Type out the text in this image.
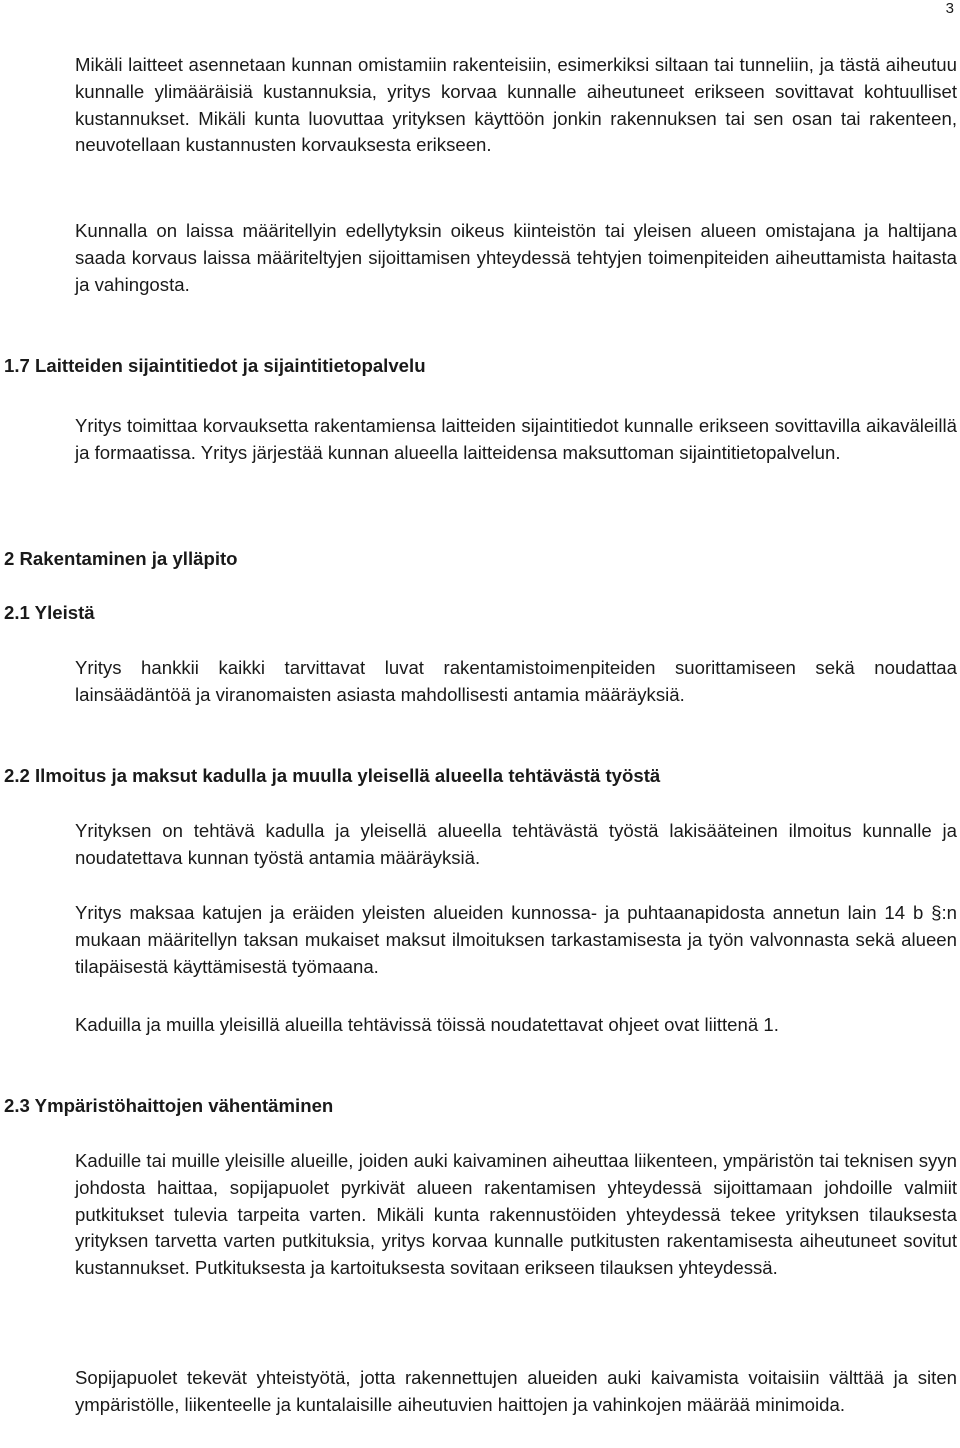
3

Mikäli laitteet asennetaan kunnan omistamiin rakenteisiin, esimerkiksi siltaan tai tunneliin, ja tästä aiheutuu kunnalle ylimääräisiä kustannuksia, yritys korvaa kunnalle aiheutuneet erikseen sovittavat kohtuulliset kustannukset. Mikäli kunta luovuttaa yrityksen käyttöön jonkin rakennuksen tai sen osan tai rakenteen, neuvotellaan kustannusten korvauksesta erikseen.

Kunnalla on laissa määritellyin edellytyksin oikeus kiinteistön tai yleisen alueen omistajana ja haltijana saada korvaus laissa määriteltyjen sijoittamisen yhteydessä tehtyjen toimenpiteiden aiheuttamista haitasta ja vahingosta.

1.7 Laitteiden sijaintitiedot ja sijaintitietopalvelu

Yritys toimittaa korvauksetta rakentamiensa laitteiden sijaintitiedot kunnalle erikseen sovittavilla aikaväleillä ja formaatissa. Yritys järjestää kunnan alueella laitteidensa maksuttoman sijaintitietopalvelun.

2 Rakentaminen ja ylläpito
2.1 Yleistä

Yritys hankkii kaikki tarvittavat luvat rakentamistoimenpiteiden suorittamiseen sekä noudattaa lainsäädäntöä ja viranomaisten asiasta mahdollisesti antamia määräyksiä.

2.2 Ilmoitus ja maksut kadulla ja muulla yleisellä alueella tehtävästä työstä

Yrityksen on tehtävä kadulla ja yleisellä alueella tehtävästä työstä lakisääteinen ilmoitus kunnalle ja noudatettava kunnan työstä antamia määräyksiä.

Yritys maksaa katujen ja eräiden yleisten alueiden kunnossa- ja puhtaanapidosta annetun lain 14 b §:n mukaan määritellyn taksan mukaiset maksut ilmoituksen tarkastamisesta ja työn valvonnasta sekä alueen tilapäisestä käyttämisestä työmaana.

Kaduilla ja muilla yleisillä alueilla tehtävissä töissä noudatettavat ohjeet ovat liittenä 1.

2.3 Ympäristöhaittojen vähentäminen

Kaduille tai muille yleisille alueille, joiden auki kaivaminen aiheuttaa liikenteen, ympäristön tai teknisen syyn johdosta haittaa, sopijapuolet pyrkivät alueen rakentamisen yhteydessä sijoittamaan johdoille valmiit putkitukset tulevia tarpeita varten. Mikäli kunta rakennustöiden yhteydessä tekee yrityksen tilauksesta yrityksen tarvetta varten putkituksia, yritys korvaa kunnalle putkitusten rakentamisesta aiheutuneet sovitut kustannukset. Putkituksesta ja kartoituksesta sovitaan erikseen tilauksen yhteydessä.

Sopijapuolet tekevät yhteistyötä, jotta rakennettujen alueiden auki kaivamista voitaisiin välttää ja siten ympäristölle, liikenteelle ja kuntalaisille aiheutuvien haittojen ja vahinkojen määrää minimoida.
